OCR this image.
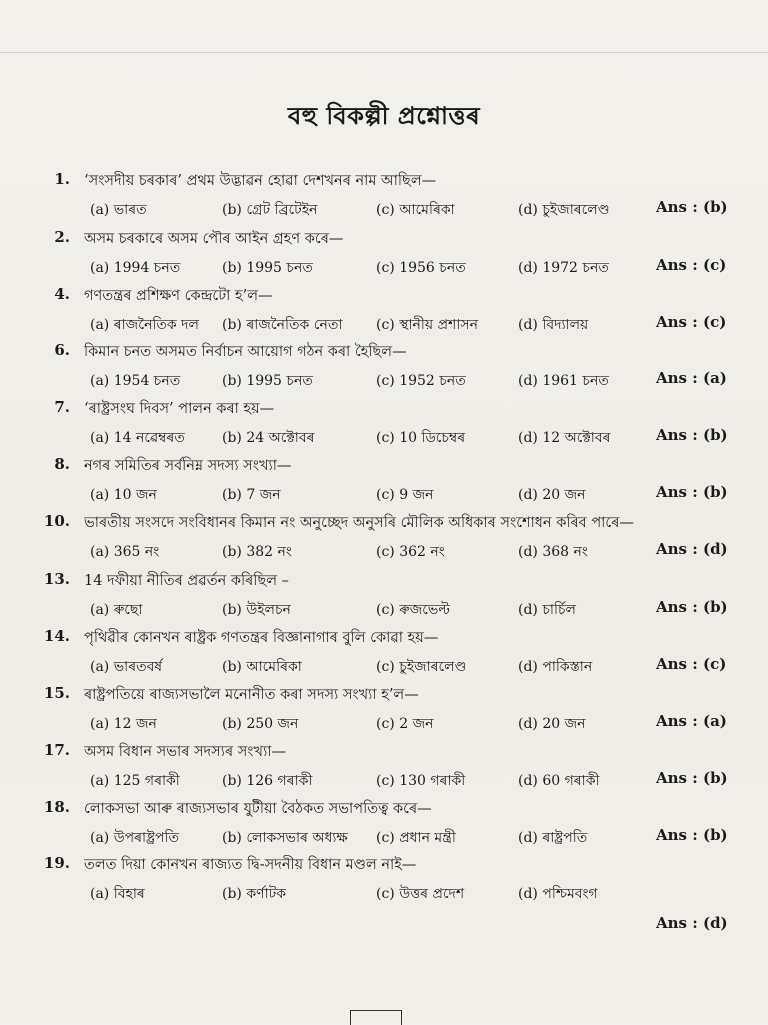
বহু বিকল্পী প্ৰশ্নোত্তৰ
1. ‘সংসদীয় চৰকাৰ’ প্ৰথম উদ্ভাৱন হোৱা দেশখনৰ নাম আছিল—
(a) ভাৰত	(b) গ্ৰেট ব্ৰিটেইন	(c) আমেৰিকা	(d) চুইজাৰলেণ্ড	Ans : (b)
2. অসম চৰকাৰে অসম পৌৰ আইন গ্ৰহণ কৰে—
(a) 1994 চনত	(b) 1995 চনত	(c) 1956 চনত	(d) 1972 চনত	Ans : (c)
4. গণতন্ত্ৰৰ প্ৰশিক্ষণ কেন্দ্ৰটো হ’ল—
(a) ৰাজনৈতিক দল (b) ৰাজনৈতিক নেতা (c) স্থানীয় প্ৰশাসন	(d) বিদ্যালয়	Ans : (c)
6. কিমান চনত অসমত নিৰ্বাচন আয়োগ গঠন কৰা হৈছিল—
(a) 1954 চনত	(b) 1995 চনত	(c) 1952 চনত	(d) 1961 চনত	Ans : (a)
7. ‘ৰাষ্ট্ৰসংঘ দিবস’ পালন কৰা হয়—
(a) 14 নৱেম্বৰত	(b) 24 অক্টোবৰ	(c) 10 ডিচেম্বৰ	(d) 12 অক্টোবৰ	Ans : (b)
8. নগৰ সমিতিৰ সৰ্বনিম্ন সদস্য সংখ্যা—
(a) 10 জন	(b) 7 জন	(c) 9 জন	(d) 20 জন	Ans : (b)
10. ভাৰতীয় সংসদে সংবিধানৰ কিমান নং অনুচ্ছেদ অনুসৰি মৌলিক অধিকাৰ সংশোধন কৰিব পাৰে—
(a) 365 নং	(b) 382 নং	(c) 362 নং	(d) 368 নং	Ans : (d)
13. 14 দফীয়া নীতিৰ প্ৰৱৰ্তন কৰিছিল –
(a) ৰুছো	(b) উইলচন	(c) ৰুজভেল্ট	(d) চাৰ্চিল	Ans : (b)
14. পৃথিৱীৰ কোনখন ৰাষ্ট্ৰক গণতন্ত্ৰৰ বিজ্ঞানাগাৰ বুলি কোৱা হয়—
(a) ভাৰতবৰ্ষ	(b) আমেৰিকা	(c) চুইজাৰলেণ্ড	(d) পাকিস্তান	Ans : (c)
15. ৰাষ্ট্ৰপতিয়ে ৰাজ্যসভালৈ মনোনীত কৰা সদস্য সংখ্যা হ’ল—
(a) 12 জন	(b) 250 জন	(c) 2 জন	(d) 20 জন	Ans : (a)
17. অসম বিধান সভাৰ সদস্যৰ সংখ্যা—
(a) 125 গৰাকী	(b) 126 গৰাকী	(c) 130 গৰাকী	(d) 60 গৰাকী	Ans : (b)
18. লোকসভা আৰু ৰাজ্যসভাৰ যুটীয়া বৈঠকত সভাপতিত্ব কৰে—
(a) উপৰাষ্ট্ৰপতি	(b) লোকসভাৰ অধ্যক্ষ (c) প্ৰধান মন্ত্ৰী	(d) ৰাষ্ট্ৰপতি	Ans : (b)
19. তলত দিয়া কোনখন ৰাজ্যত দ্বি-সদনীয় বিধান মণ্ডল নাই—
(a) বিহাৰ	(b) কৰ্ণাটক	(c) উত্তৰ প্ৰদেশ	(d) পশ্চিমবংগ
Ans : (d)
